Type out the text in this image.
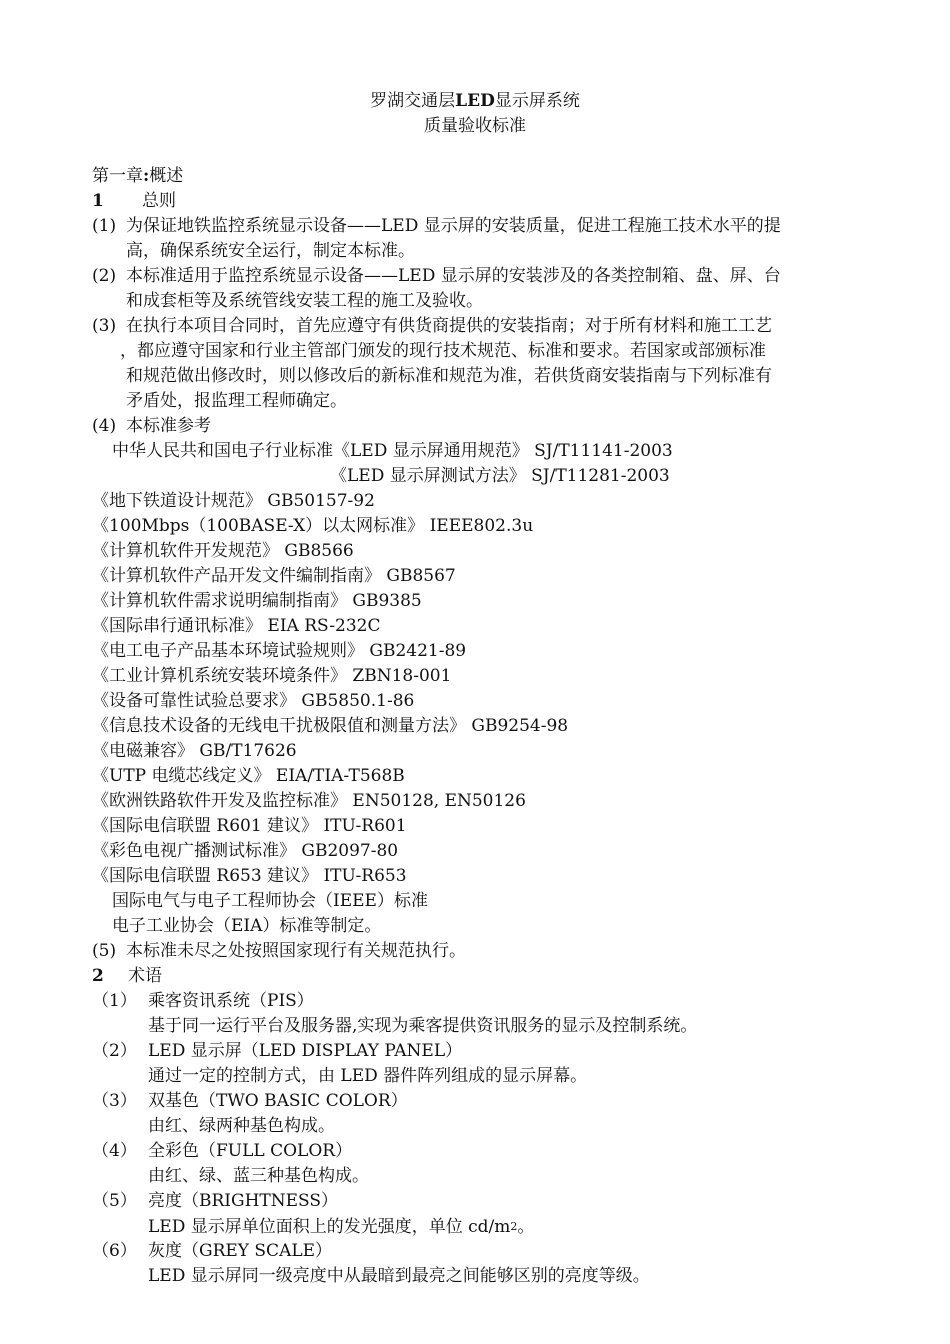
罗湖交通层LED显示屏系统
质量验收标准
第一章:概述
1 总则
(1) 为保证地铁监控系统显示设备——LED 显示屏的安装质量，促进工程施工技术水平的提
高，确保系统安全运行，制定本标准。
(2) 本标准适用于监控系统显示设备——LED 显示屏的安装涉及的各类控制箱、盘、屏、台
和成套柜等及系统管线安装工程的施工及验收。
(3) 在执行本项目合同时，首先应遵守有供货商提供的安装指南；对于所有材料和施工工艺
，都应遵守国家和行业主管部门颁发的现行技术规范、标准和要求。若国家或部颁标准
和规范做出修改时，则以修改后的新标准和规范为准，若供货商安装指南与下列标准有
矛盾处，报监理工程师确定。
(4) 本标准参考
中华人民共和国电子行业标准《LED 显示屏通用规范》 SJ/T11141-2003
《LED 显示屏测试方法》 SJ/T11281-2003
《地下铁道设计规范》 GB50157-92
《100Mbps（100BASE-X）以太网标准》 IEEE802.3u
《计算机软件开发规范》 GB8566
《计算机软件产品开发文件编制指南》 GB8567
《计算机软件需求说明编制指南》 GB9385
《国际串行通讯标准》 EIA RS-232C
《电工电子产品基本环境试验规则》 GB2421-89
《工业计算机系统安装环境条件》 ZBN18-001
《设备可靠性试验总要求》 GB5850.1-86
《信息技术设备的无线电干扰极限值和测量方法》 GB9254-98
《电磁兼容》 GB/T17626
《UTP 电缆芯线定义》 EIA/TIA-T568B
《欧洲铁路软件开发及监控标准》 EN50128, EN50126
《国际电信联盟 R601 建议》 ITU-R601
《彩色电视广播测试标准》 GB2097-80
《国际电信联盟 R653 建议》 ITU-R653
国际电气与电子工程师协会（IEEE）标准
电子工业协会（EIA）标准等制定。
(5) 本标准未尽之处按照国家现行有关规范执行。
2 术语
（1） 乘客资讯系统（PIS）
基于同一运行平台及服务器,实现为乘客提供资讯服务的显示及控制系统。
（2） LED 显示屏（LED DISPLAY PANEL）
通过一定的控制方式，由 LED 器件阵列组成的显示屏幕。
（3） 双基色（TWO BASIC COLOR）
由红、绿两种基色构成。
（4） 全彩色（FULL COLOR）
由红、绿、蓝三种基色构成。
（5） 亮度（BRIGHTNESS）
LED 显示屏单位面积上的发光强度，单位 cd/m2。
（6） 灰度（GREY SCALE）
LED 显示屏同一级亮度中从最暗到最亮之间能够区别的亮度等级。
